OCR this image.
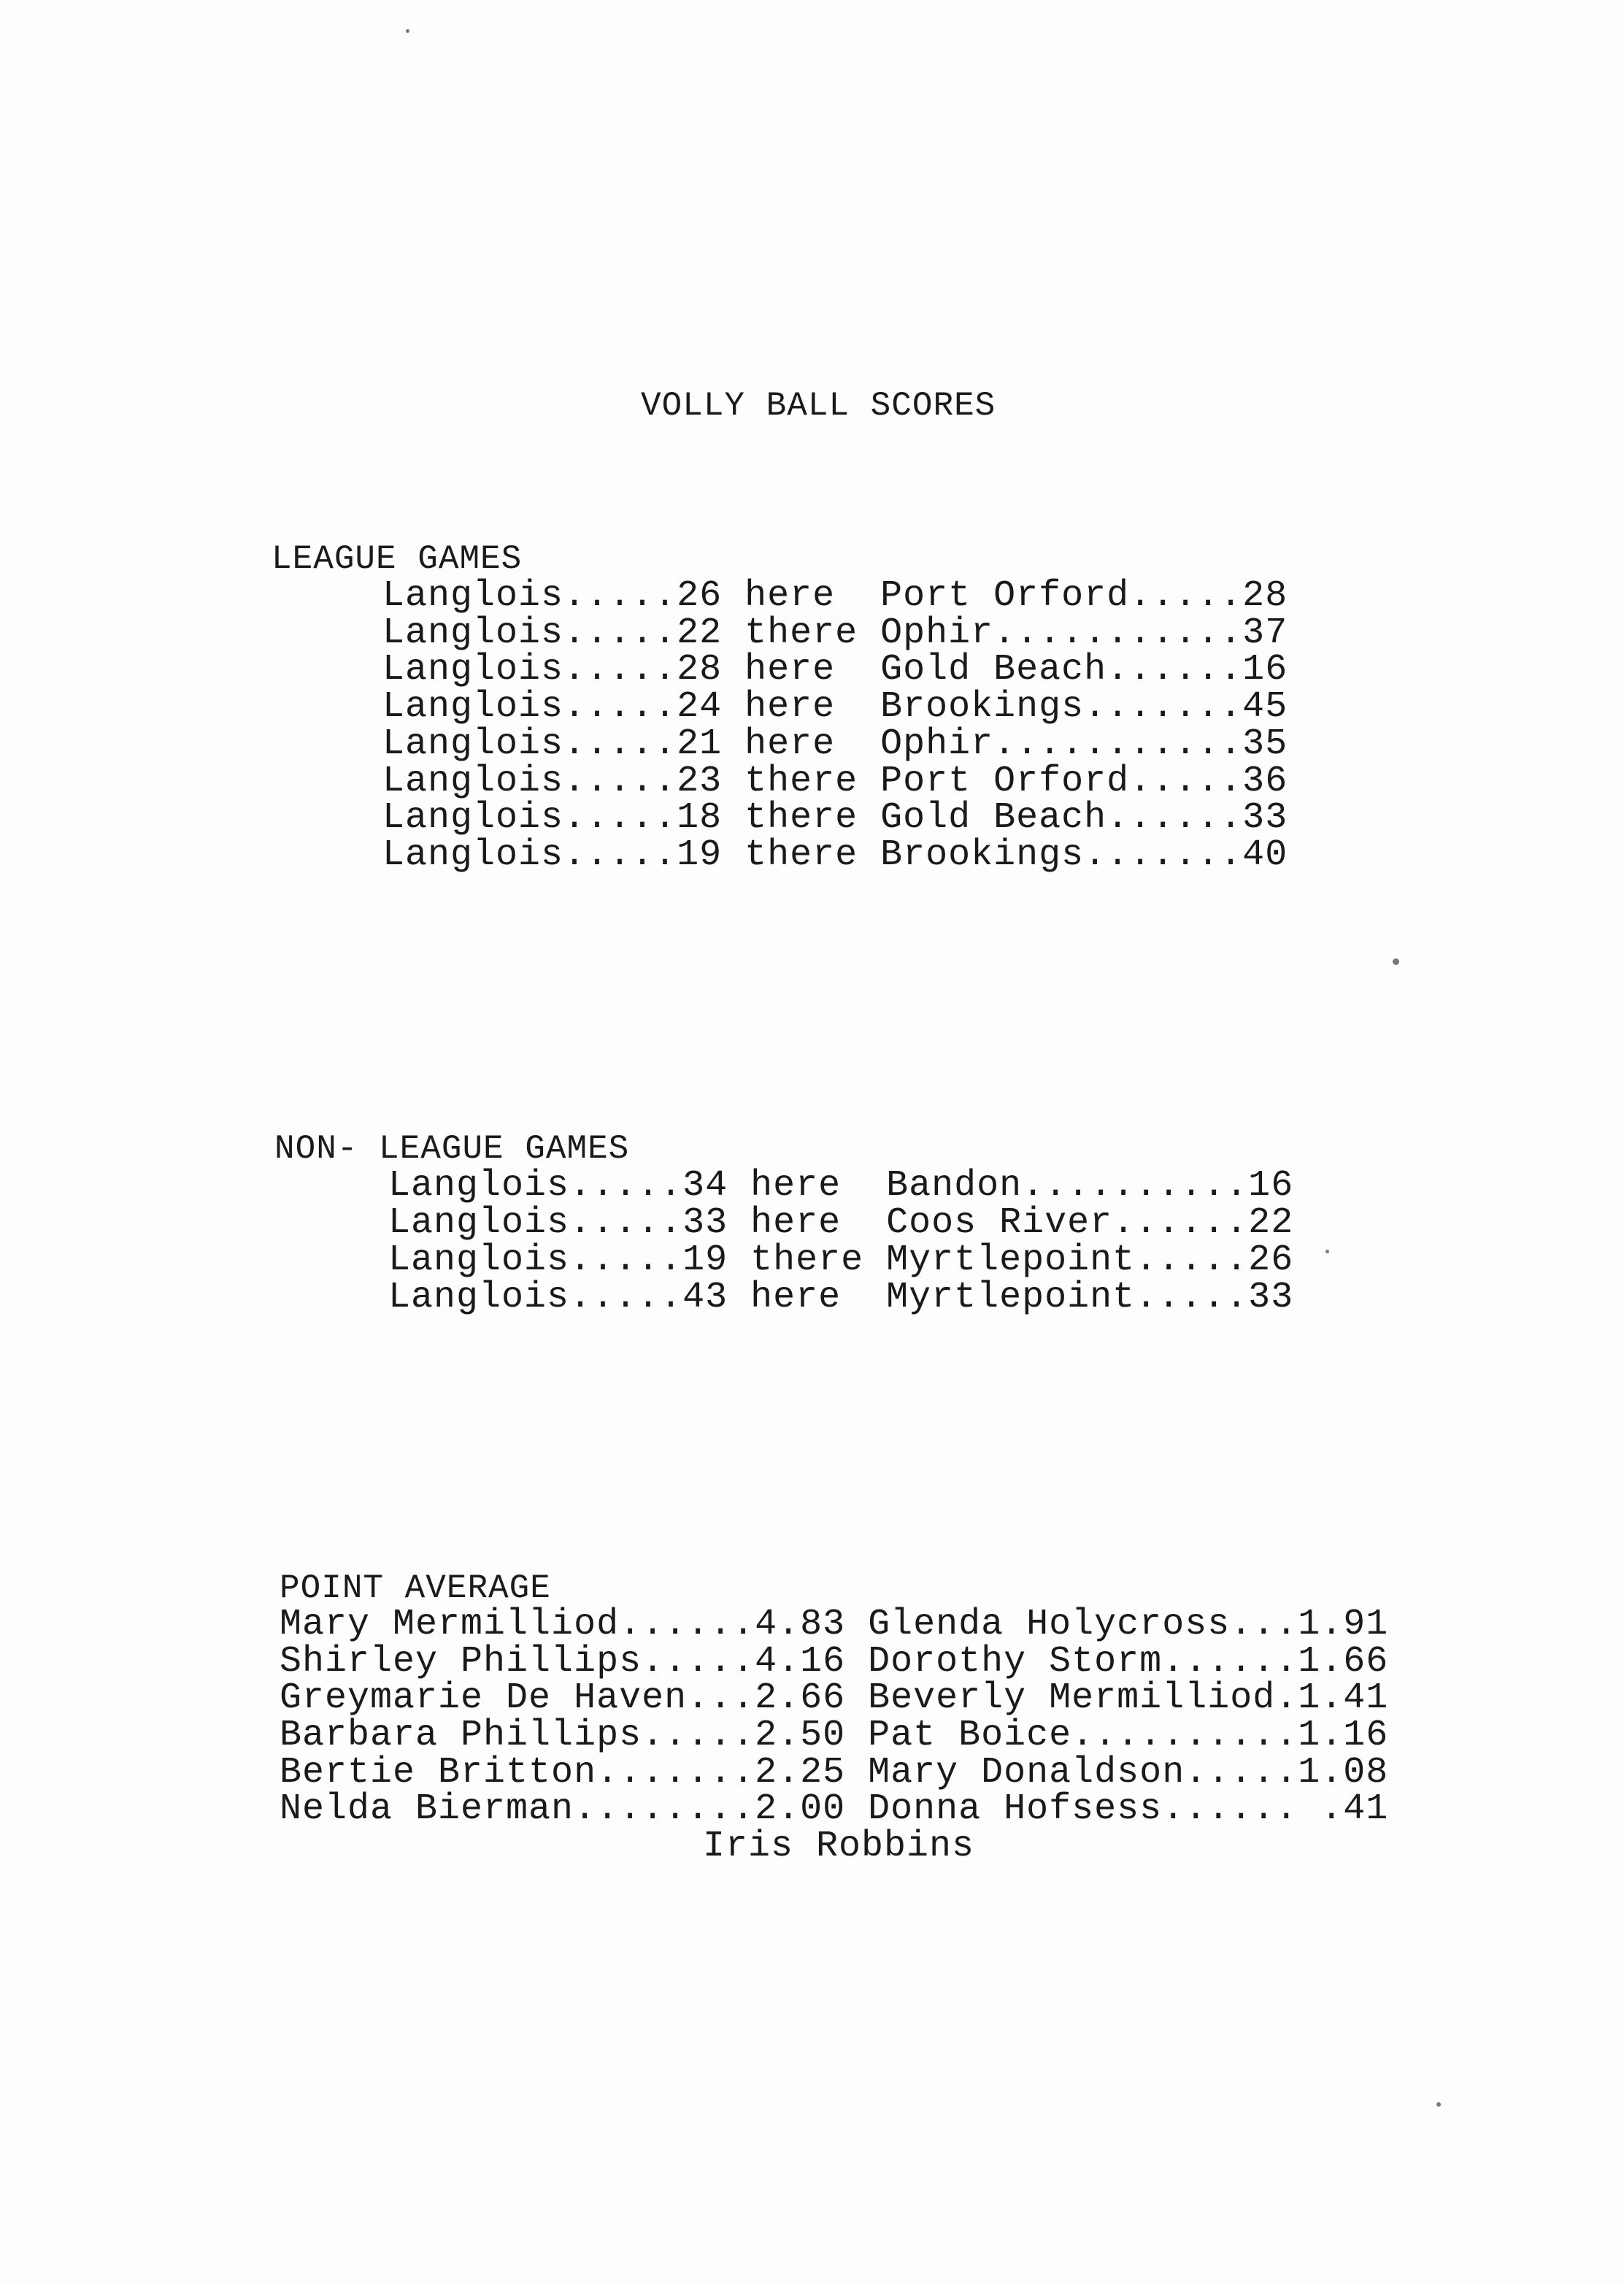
VOLLY BALL SCORES
LEAGUE GAMES
Langlois.....26 here  Port Orford.....28
Langlois.....22 there Ophir...........37
Langlois.....28 here  Gold Beach......16
Langlois.....24 here  Brookings.......45
Langlois.....21 here  Ophir...........35
Langlois.....23 there Port Orford.....36
Langlois.....18 there Gold Beach......33
Langlois.....19 there Brookings.......40
NON- LEAGUE GAMES
Langlois.....34 here  Bandon..........16
Langlois.....33 here  Coos River......22
Langlois.....19 there Myrtlepoint.....26
Langlois.....43 here  Myrtlepoint.....33
POINT AVERAGE
Mary Mermilliod......4.83 Glenda Holycross...1.91
Shirley Phillips.....4.16 Dorothy Storm......1.66
Greymarie De Haven...2.66 Beverly Mermilliod.1.41
Barbara Phillips.....2.50 Pat Boice..........1.16
Bertie Britton.......2.25 Mary Donaldson.....1.08
Nelda Bierman........2.00 Donna Hofsess...... .41
Iris Robbins
